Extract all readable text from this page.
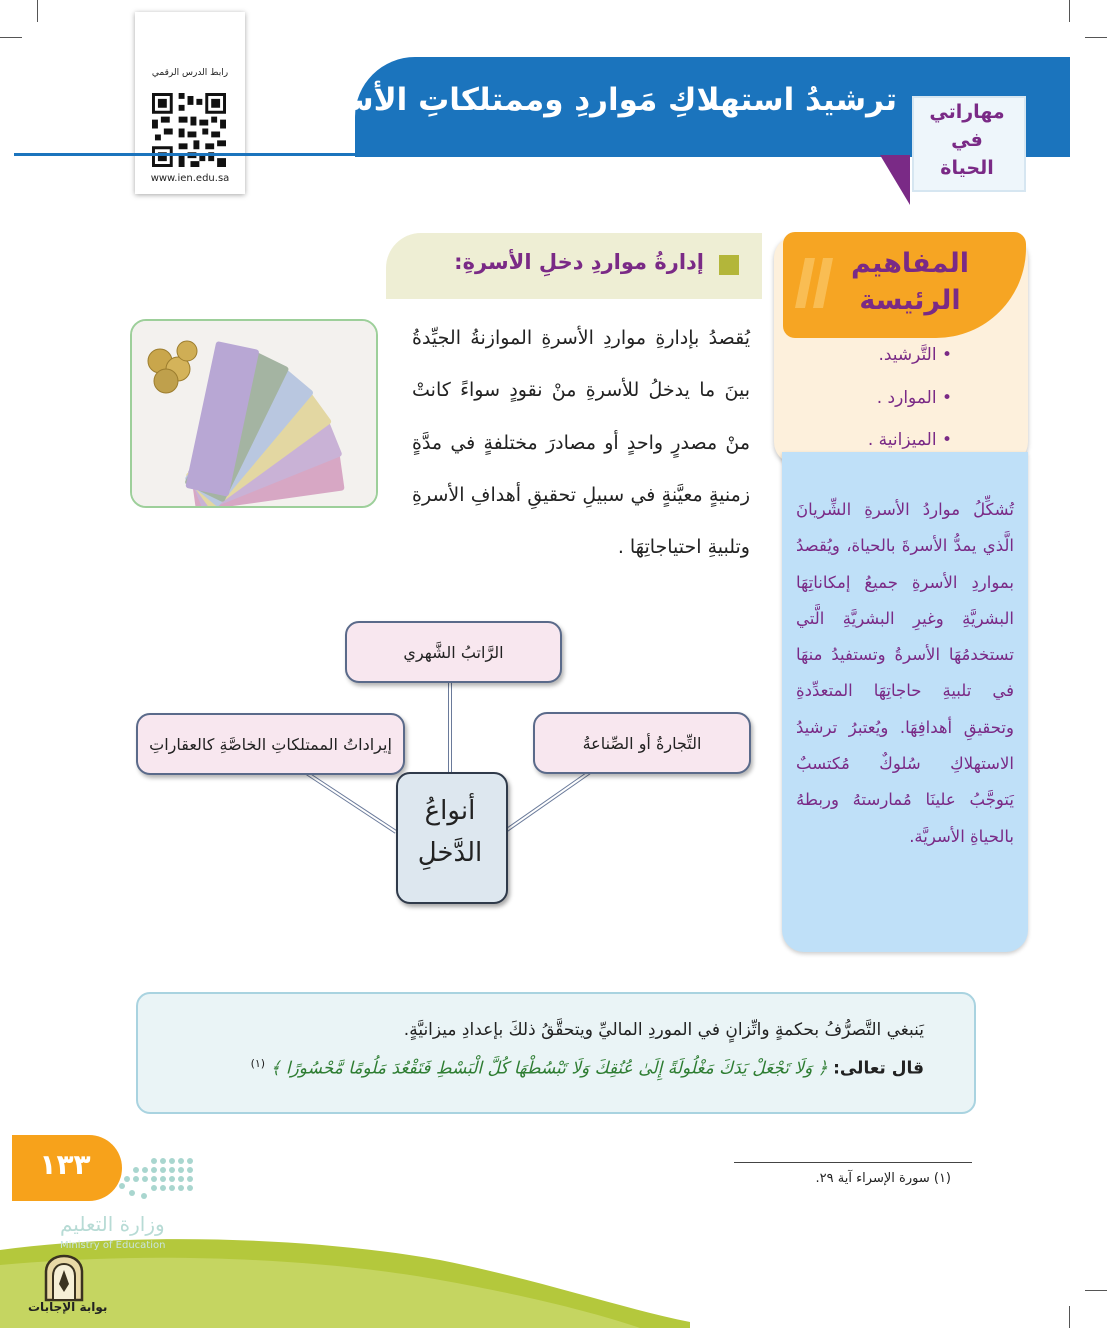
رابط الدرس الرقمي
www.ien.edu.sa
مهاراتي
في
الحياة
ترشيدُ استهلاكِ مَواردِ وممتلكاتِ الأسرةِ
المفاهيم
الرئيسة
• التَّرشيد.
• الموارد .
• الميزانية .
تُشكِّلُ مواردُ الأسرةِ الشِّريانَ الَّذي يمدُّ الأسرةَ بالحياة، ويُقصدُ بمواردِ الأسرةِ جميعُ إمكاناتِهَا البشريَّةِ وغيرِ البشريَّةِ الَّتي تستخدمُهَا الأسرةُ وتستفيدُ منهَا في تلبيةِ حاجاتِهَا المتعدِّدةِ وتحقيقِ أهدافِهَا. ويُعتبرُ ترشيدُ الاستهلاكِ سُلوكٌ مُكتسبٌ يَتوجَّبُ علينَا مُمارستهُ وربطهُ بالحياةِ الأسريَّة.
إدارةُ مواردِ دخلِ الأسرةِ:
يُقصدُ بإدارةِ مواردِ الأسرةِ الموازنةُ الجيِّدةُ بينَ ما يدخلُ للأسرةِ منْ نقودٍ سواءً كانتْ منْ مصدرٍ واحدٍ أو مصادرَ مختلفةٍ في مدَّةٍ زمنيةٍ معيَّنةٍ في سبيلِ تحقيقِ أهدافِ الأسرةِ وتلبيةِ احتياجاتِهَا .
الرَّاتبُ الشَّهري
إيراداتُ الممتلكاتِ الخاصَّةِ كالعقاراتِ	التِّجارةُ أو الصِّناعةُ
أنواعُ
الدَّخلِ
يَنبغي التَّصرُّفُ بحكمةٍ واتِّزانٍ في الموردِ الماليِّ ويتحقَّقُ ذلكَ بإعدادِ ميزانيَّةٍ.
قال تعالى: ﴿ وَلَا تَجْعَلْ يَدَكَ مَغْلُولَةً إِلَىٰ عُنُقِكَ وَلَا تَبْسُطْهَا كُلَّ الْبَسْطِ فَتَقْعُدَ مَلُومًا مَّحْسُورًا ﴾ $^{(١)}$
(١) سورة الإسراء آية ٢٩.
١٣٣
وزارة التعليم
Ministry of Education
بوابة الإجابات
